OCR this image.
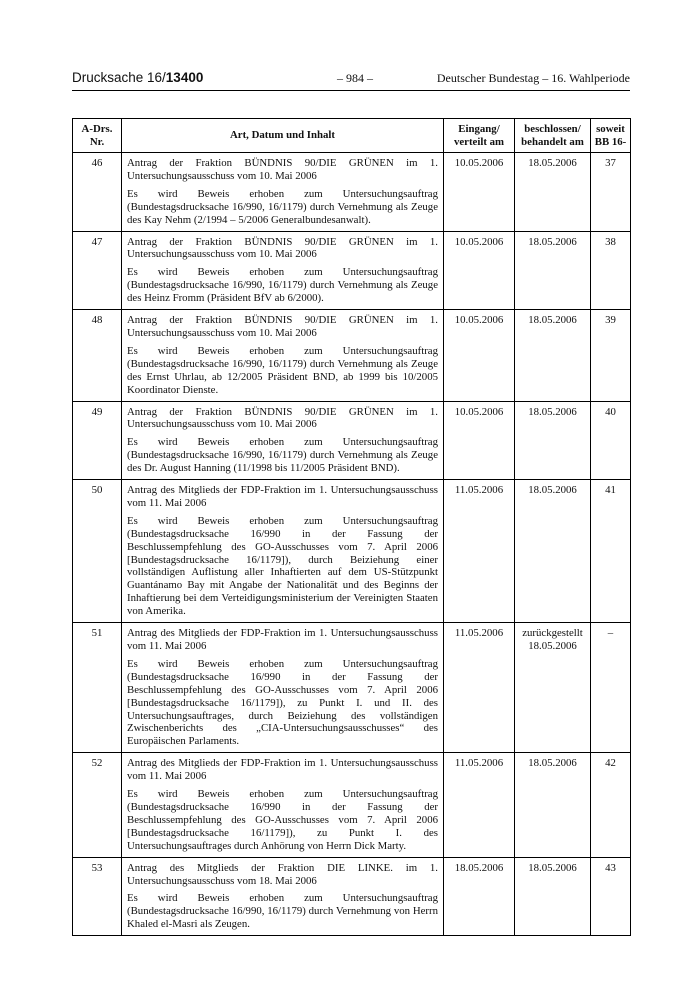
Drucksache 16/13400	– 984 –	Deutscher Bundestag – 16. Wahlperiode
A-Drs. Nr.	Art, Datum und Inhalt	Eingang/ verteilt am	beschlossen/ behandelt am	soweit BB 16-
46	Antrag der Fraktion BÜNDNIS 90/DIE GRÜNEN im 1. Untersuchungsausschuss vom 10. Mai 2006

Es wird Beweis erhoben zum Untersuchungsauftrag (Bundestagsdrucksache 16/990, 16/1179) durch Vernehmung als Zeuge des Kay Nehm (2/1994 – 5/2006 Generalbundesanwalt).	10.05.2006	18.05.2006	37
47	Antrag der Fraktion BÜNDNIS 90/DIE GRÜNEN im 1. Untersuchungsausschuss vom 10. Mai 2006

Es wird Beweis erhoben zum Untersuchungsauftrag (Bundestagsdrucksache 16/990, 16/1179) durch Vernehmung als Zeuge des Heinz Fromm (Präsident BfV ab 6/2000).	10.05.2006	18.05.2006	38
48	Antrag der Fraktion BÜNDNIS 90/DIE GRÜNEN im 1. Untersuchungsausschuss vom 10. Mai 2006

Es wird Beweis erhoben zum Untersuchungsauftrag (Bundestagsdrucksache 16/990, 16/1179) durch Vernehmung als Zeuge des Ernst Uhrlau, ab 12/2005 Präsident BND, ab 1999 bis 10/2005 Koordinator Dienste.	10.05.2006	18.05.2006	39
49	Antrag der Fraktion BÜNDNIS 90/DIE GRÜNEN im 1. Untersuchungsausschuss vom 10. Mai 2006

Es wird Beweis erhoben zum Untersuchungsauftrag (Bundestagsdrucksache 16/990, 16/1179) durch Vernehmung als Zeuge des Dr. August Hanning (11/1998 bis 11/2005 Präsident BND).	10.05.2006	18.05.2006	40
50	Antrag des Mitglieds der FDP-Fraktion im 1. Untersuchungsausschuss vom 11. Mai 2006

Es wird Beweis erhoben zum Untersuchungsauftrag (Bundestagsdrucksache 16/990 in der Fassung der Beschlussempfehlung des GO-Ausschusses vom 7. April 2006 [Bundestagsdrucksache 16/1179]), durch Beiziehung einer vollständigen Auflistung aller Inhaftierten auf dem US-Stützpunkt Guantánamo Bay mit Angabe der Nationalität und des Beginns der Inhaftierung bei dem Verteidigungsministerium der Vereinigten Staaten von Amerika.	11.05.2006	18.05.2006	41
51	Antrag des Mitglieds der FDP-Fraktion im 1. Untersuchungsausschuss vom 11. Mai 2006

Es wird Beweis erhoben zum Untersuchungsauftrag (Bundestagsdrucksache 16/990 in der Fassung der Beschlussempfehlung des GO-Ausschusses vom 7. April 2006 [Bundestagsdrucksache 16/1179]), zu Punkt I. und II. des Untersuchungsauftrages, durch Beiziehung des vollständigen Zwischenberichts des „CIA-Untersuchungsausschusses“ des Europäischen Parlaments.	11.05.2006	zurückgestellt 18.05.2006	–
52	Antrag des Mitglieds der FDP-Fraktion im 1. Untersuchungsausschuss vom 11. Mai 2006

Es wird Beweis erhoben zum Untersuchungsauftrag (Bundestagsdrucksache 16/990 in der Fassung der Beschlussempfehlung des GO-Ausschusses vom 7. April 2006 [Bundestagsdrucksache 16/1179]), zu Punkt I. des Untersuchungsauftrages durch Anhörung von Herrn Dick Marty.	11.05.2006	18.05.2006	42
53	Antrag des Mitglieds der Fraktion DIE LINKE. im 1. Untersuchungsausschuss vom 18. Mai 2006

Es wird Beweis erhoben zum Untersuchungsauftrag (Bundestagsdrucksache 16/990, 16/1179) durch Vernehmung von Herrn Khaled el-Masri als Zeugen.	18.05.2006	18.05.2006	43
